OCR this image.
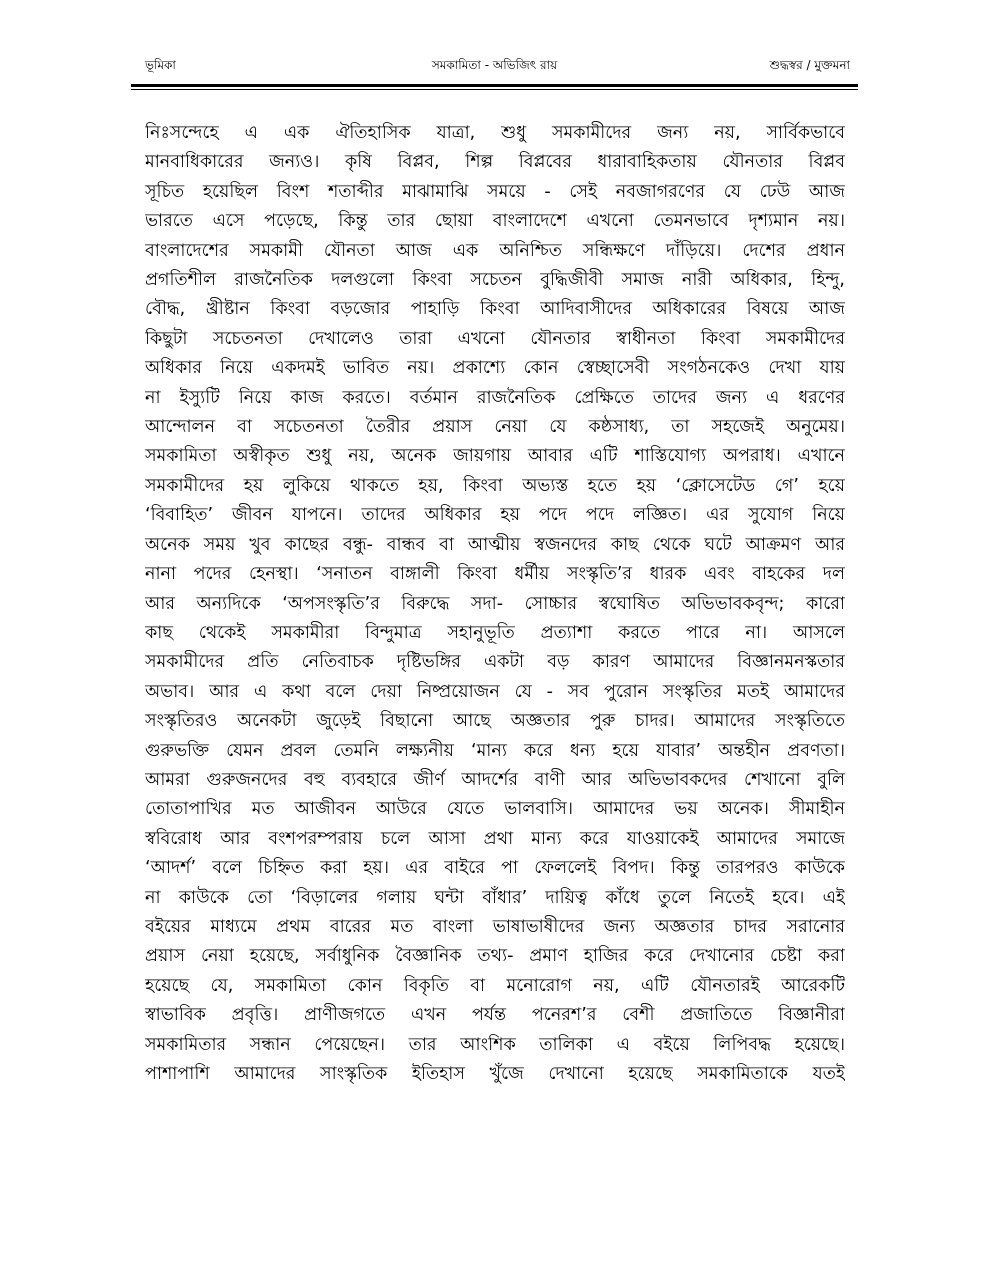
ভূমিকা	সমকামিতা - অভিজিৎ রায়	শুদ্ধস্বর / মুক্তমনা
নিঃসন্দেহে এ এক ঐতিহাসিক যাত্রা, শুধু সমকামীদের জন্য নয়, সার্বিকভাবে
মানবাধিকারের জন্যও। কৃষি বিপ্লব, শিল্প বিপ্লবের ধারাবাহিকতায় যৌনতার বিপ্লব
সূচিত হয়েছিল বিংশ শতাব্দীর মাঝামাঝি সময়ে - সেই নবজাগরণের যে ঢেউ আজ
ভারতে এসে পড়েছে, কিন্তু তার ছোয়া বাংলাদেশে এখনো তেমনভাবে দৃশ্যমান নয়।
বাংলাদেশের সমকামী যৌনতা আজ এক অনিশ্চিত সন্ধিক্ষণে দাঁড়িয়ে। দেশের প্রধান
প্রগতিশীল রাজনৈতিক দলগুলো কিংবা সচেতন বুদ্ধিজীবী সমাজ নারী অধিকার, হিন্দু,
বৌদ্ধ, খ্রীষ্টান কিংবা বড়জোর পাহাড়ি কিংবা আদিবাসীদের অধিকারের বিষয়ে আজ
কিছুটা সচেতনতা দেখালেও তারা এখনো যৌনতার স্বাধীনতা কিংবা সমকামীদের
অধিকার নিয়ে একদমই ভাবিত নয়। প্রকাশ্যে কোন স্বেচ্ছাসেবী সংগঠনকেও দেখা যায়
না ইস্যুটি নিয়ে কাজ করতে। বর্তমান রাজনৈতিক প্রেক্ষিতে তাদের জন্য এ ধরণের
আন্দোলন বা সচেতনতা তৈরীর প্রয়াস নেয়া যে কষ্ঠসাধ্য, তা সহজেই অনুমেয়।
সমকামিতা অস্বীকৃত শুধু নয়, অনেক জায়গায় আবার এটি শাস্তিযোগ্য অপরাধ। এখানে
সমকামীদের হয় লুকিয়ে থাকতে হয়, কিংবা অভ্যস্ত হতে হয় ‘ক্লোসেটেড গে’ হয়ে
‘বিবাহিত’ জীবন যাপনে। তাদের অধিকার হয় পদে পদে লজ্ঞিত। এর সুযোগ নিয়ে
অনেক সময় খুব কাছের বন্ধু- বান্ধব বা আত্মীয় স্বজনদের কাছ থেকে ঘটে আক্রমণ আর
নানা পদের হেনস্থা। ‘সনাতন বাঙ্গালী কিংবা ধর্মীয় সংস্কৃতি’র ধারক এবং বাহকের দল
আর অন্যদিকে ‘অপসংস্কৃতি’র বিরুদ্ধে সদা- সোচ্চার স্বঘোষিত অভিভাবকবৃন্দ; কারো
কাছ থেকেই সমকামীরা বিন্দুমাত্র সহানুভূতি প্রত্যাশা করতে পারে না। আসলে
সমকামীদের প্রতি নেতিবাচক দৃষ্টিভঙ্গির একটা বড় কারণ আমাদের বিজ্ঞানমনস্কতার
অভাব। আর এ কথা বলে দেয়া নিষ্প্রয়োজন যে - সব পুরোন সংস্কৃতির মতই আমাদের
সংস্কৃতিরও অনেকটা জুড়েই বিছানো আছে অজ্ঞতার পুরু চাদর। আমাদের সংস্কৃতিতে
গুরুভক্তি যেমন প্রবল তেমনি লক্ষ্যনীয় ‘মান্য করে ধন্য হয়ে যাবার’ অন্তহীন প্রবণতা।
আমরা গুরুজনদের বহু ব্যবহারে জীর্ণ আদর্শের বাণী আর অভিভাবকদের শেখানো বুলি
তোতাপাখির মত আজীবন আউরে যেতে ভালবাসি। আমাদের ভয় অনেক। সীমাহীন
স্ববিরোধ আর বংশপরম্পরায় চলে আসা প্রথা মান্য করে যাওয়াকেই আমাদের সমাজে
‘আদর্শ’ বলে চিহ্নিত করা হয়। এর বাইরে পা ফেললেই বিপদ। কিন্তু তারপরও কাউকে
না কাউকে তো ‘বিড়ালের গলায় ঘন্টা বাঁধার’ দায়িত্ব কাঁধে তুলে নিতেই হবে। এই
বইয়ের মাধ্যমে প্রথম বারের মত বাংলা ভাষাভাষীদের জন্য অজ্ঞতার চাদর সরানোর
প্রয়াস নেয়া হয়েছে, সর্বাধুনিক বৈজ্ঞানিক তথ্য- প্রমাণ হাজির করে দেখানোর চেষ্টা করা
হয়েছে যে, সমকামিতা কোন বিকৃতি বা মনোরোগ নয়, এটি যৌনতারই আরেকটি
স্বাভাবিক প্রবৃত্তি। প্রাণীজগতে এখন পর্যন্ত পনেরশ’র বেশী প্রজাতিতে বিজ্ঞানীরা
সমকামিতার সন্ধান পেয়েছেন। তার আংশিক তালিকা এ বইয়ে লিপিবদ্ধ হয়েছে।
পাশাপাশি আমাদের সাংস্কৃতিক ইতিহাস খুঁজে দেখানো হয়েছে সমকামিতাকে যতই
